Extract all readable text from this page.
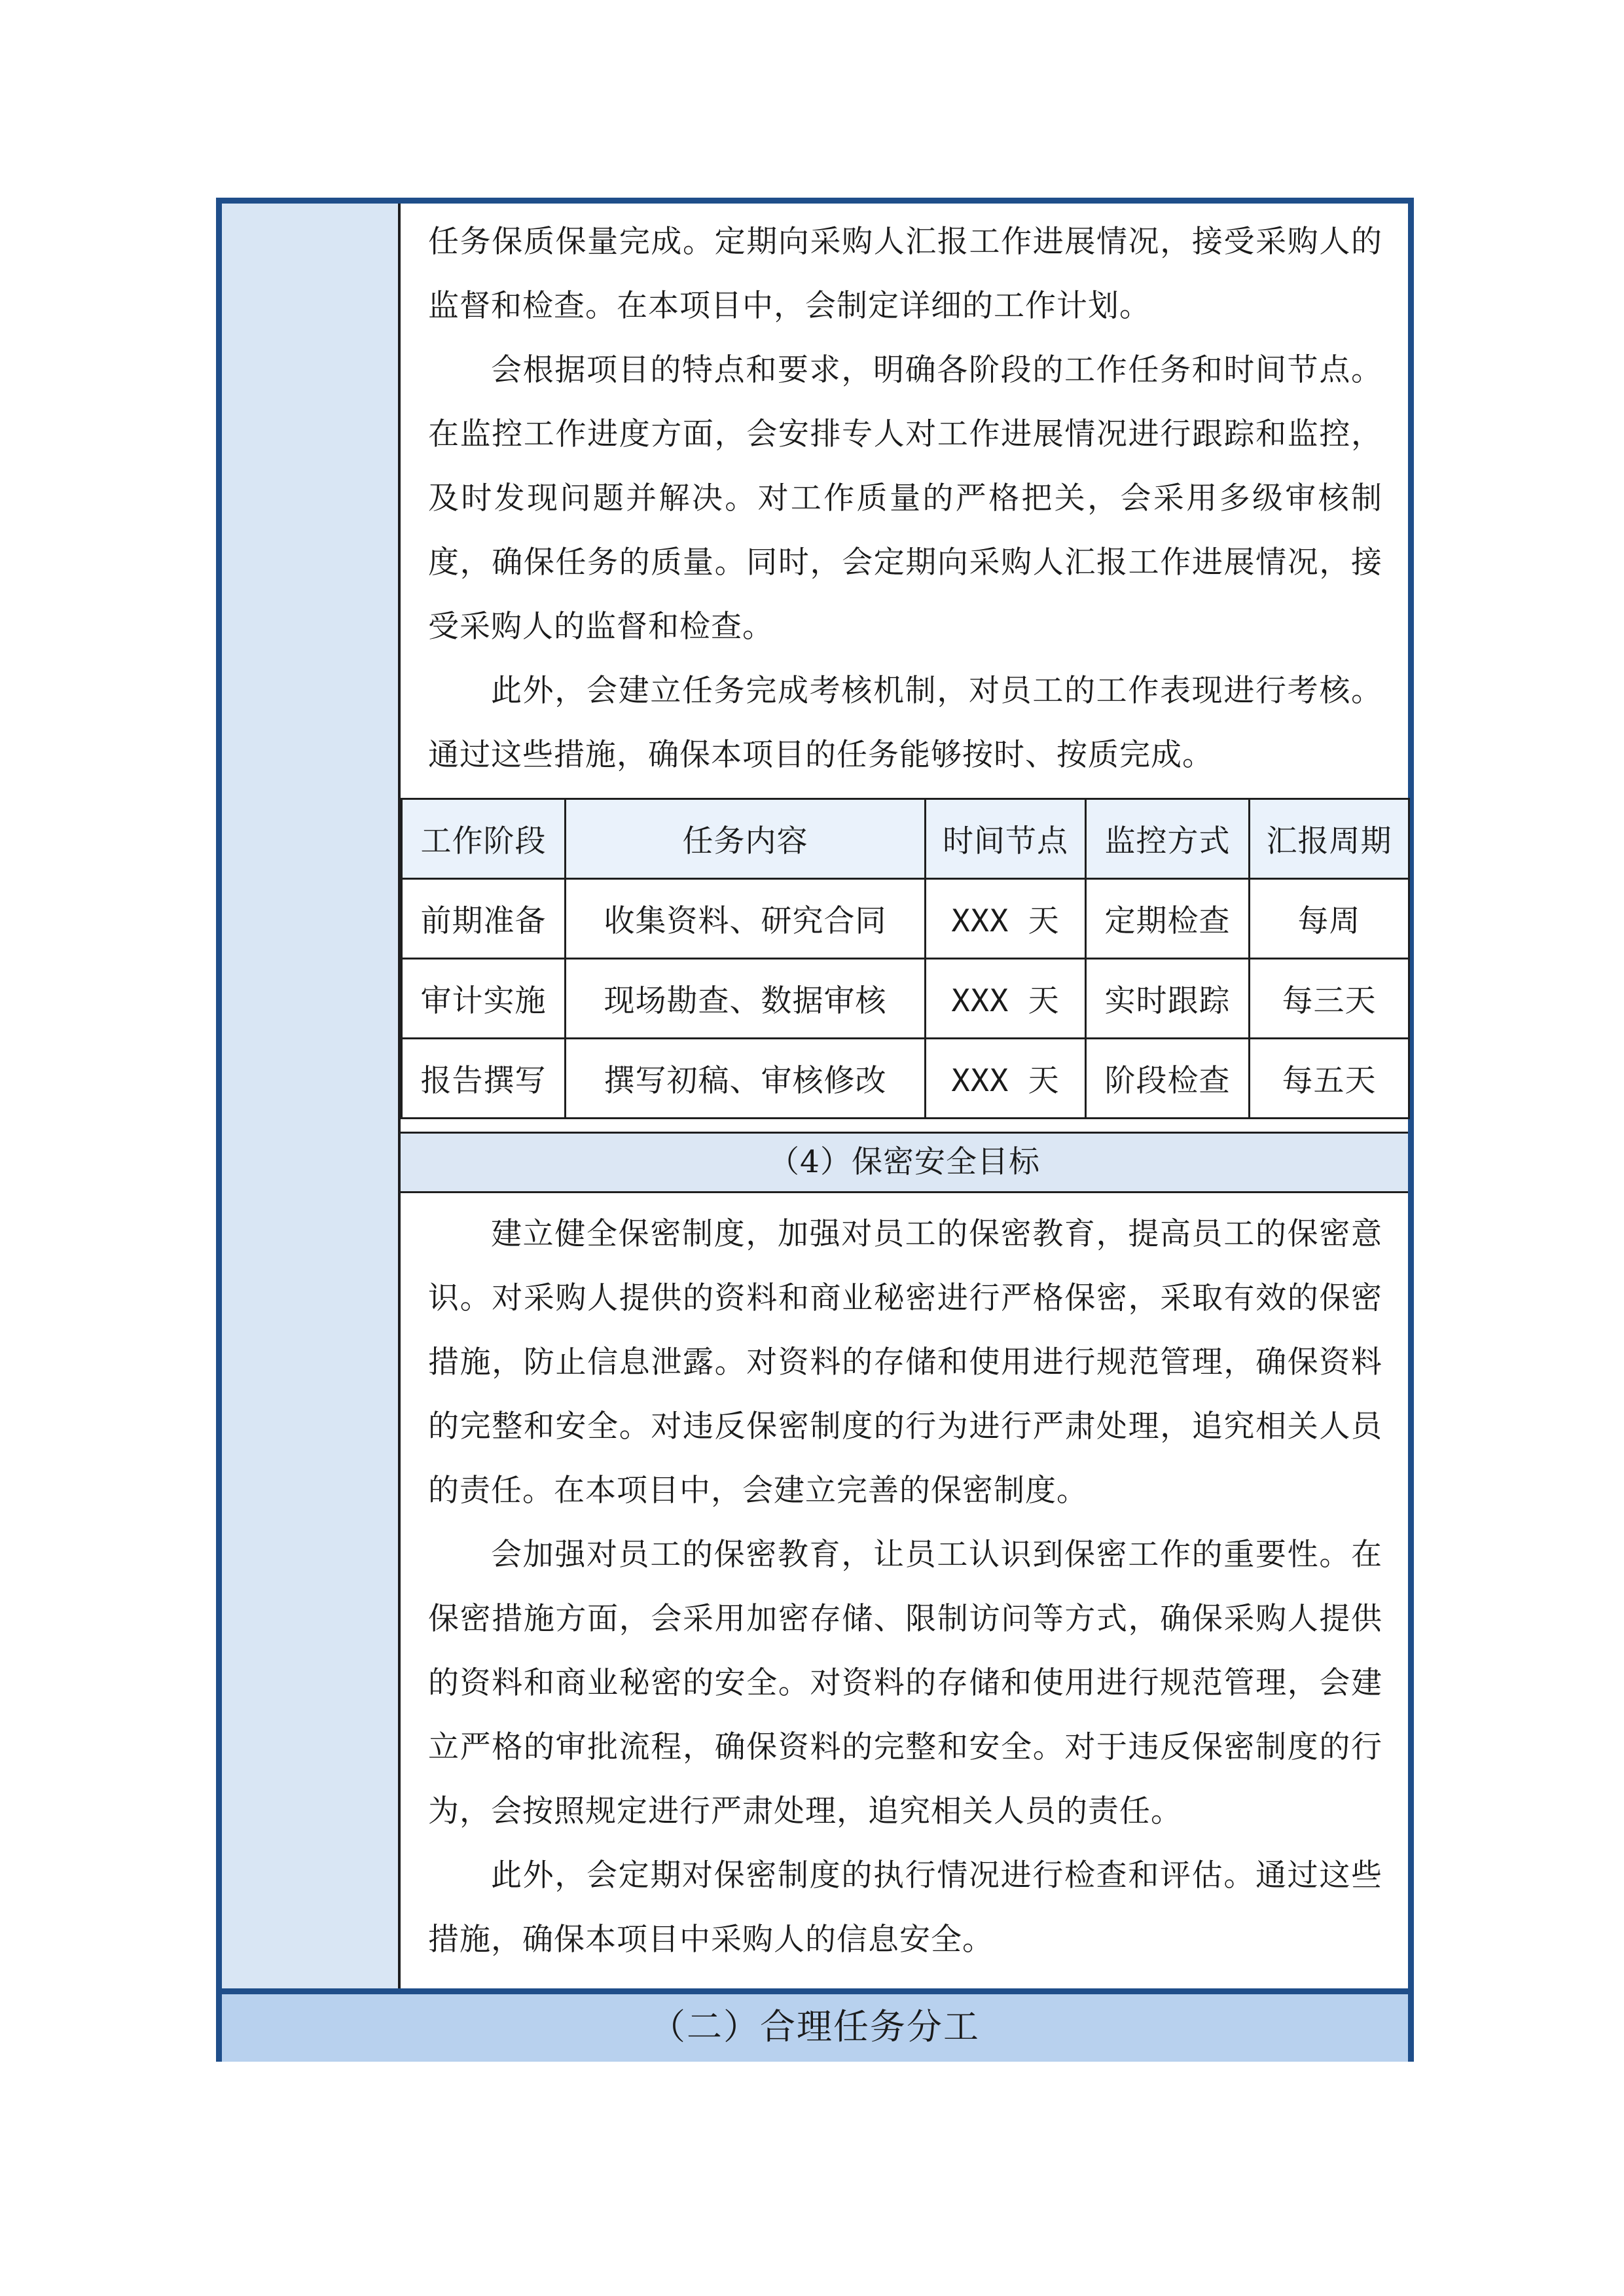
任务保质保量完成。定期向采购人汇报工作进展情况，接受采购人的监督和检查。在本项目中，会制定详细的工作计划。

会根据项目的特点和要求，明确各阶段的工作任务和时间节点。在监控工作进度方面，会安排专人对工作进展情况进行跟踪和监控，及时发现问题并解决。对工作质量的严格把关，会采用多级审核制度，确保任务的质量。同时，会定期向采购人汇报工作进展情况，接受采购人的监督和检查。

此外，会建立任务完成考核机制，对员工的工作表现进行考核。通过这些措施，确保本项目的任务能够按时、按质完成。

工作阶段	任务内容	时间节点	监控方式	汇报周期
前期准备	收集资料、研究合同	XXX 天	定期检查	每周
审计实施	现场勘查、数据审核	XXX 天	实时跟踪	每三天
报告撰写	撰写初稿、审核修改	XXX 天	阶段检查	每五天
（4）保密安全目标

建立健全保密制度，加强对员工的保密教育，提高员工的保密意识。对采购人提供的资料和商业秘密进行严格保密，采取有效的保密措施，防止信息泄露。对资料的存储和使用进行规范管理，确保资料的完整和安全。对违反保密制度的行为进行严肃处理，追究相关人员的责任。在本项目中，会建立完善的保密制度。

会加强对员工的保密教育，让员工认识到保密工作的重要性。在保密措施方面，会采用加密存储、限制访问等方式，确保采购人提供的资料和商业秘密的安全。对资料的存储和使用进行规范管理，会建立严格的审批流程，确保资料的完整和安全。对于违反保密制度的行为，会按照规定进行严肃处理，追究相关人员的责任。

此外，会定期对保密制度的执行情况进行检查和评估。通过这些措施，确保本项目中采购人的信息安全。

（二）合理任务分工
